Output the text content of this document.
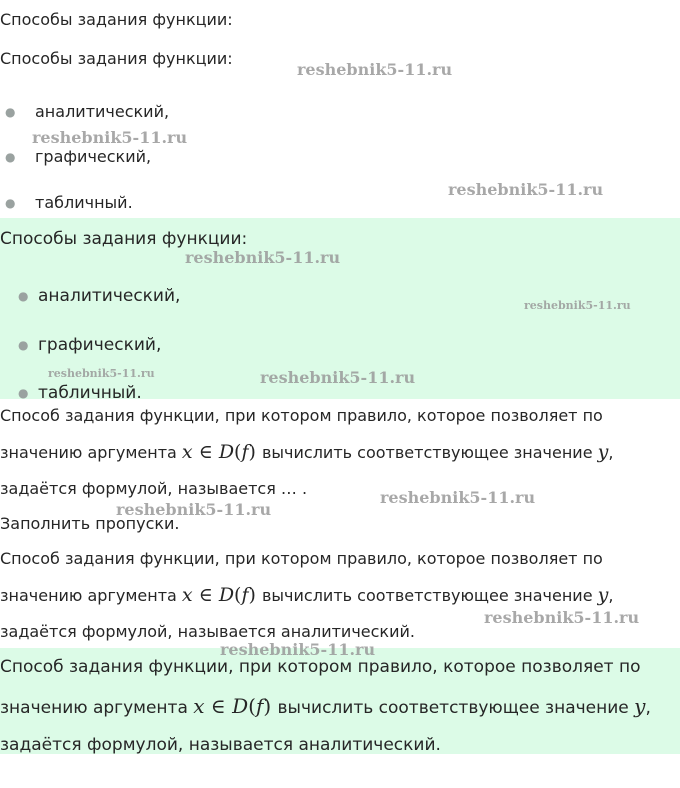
Способы задания функции:
Способы задания функции:
● аналитический,
● графический,
● табличный.
Способы задания функции:
● аналитический,
● графический,
● табличный.
Способ задания функции, при котором правило, которое позволяет по
значению аргумента x ∈ D(f) вычислить соответствующее значение y,
задаётся формулой, называется … .
Заполнить пропуски.
Способ задания функции, при котором правило, которое позволяет по
значению аргумента x ∈ D(f) вычислить соответствующее значение y,
задаётся формулой, называется аналитический.
Способ задания функции, при котором правило, которое позволяет по
значению аргумента x ∈ D(f) вычислить соответствующее значение y,
задаётся формулой, называется аналитический.
reshebnik5-11.ru
reshebnik5-11.ru
reshebnik5-11.ru
reshebnik5-11.ru
reshebnik5-11.ru
reshebnik5-11.ru	reshebnik5-11.ru
reshebnik5-11.ru
reshebnik5-11.ru
reshebnik5-11.ru
reshebnik5-11.ru
